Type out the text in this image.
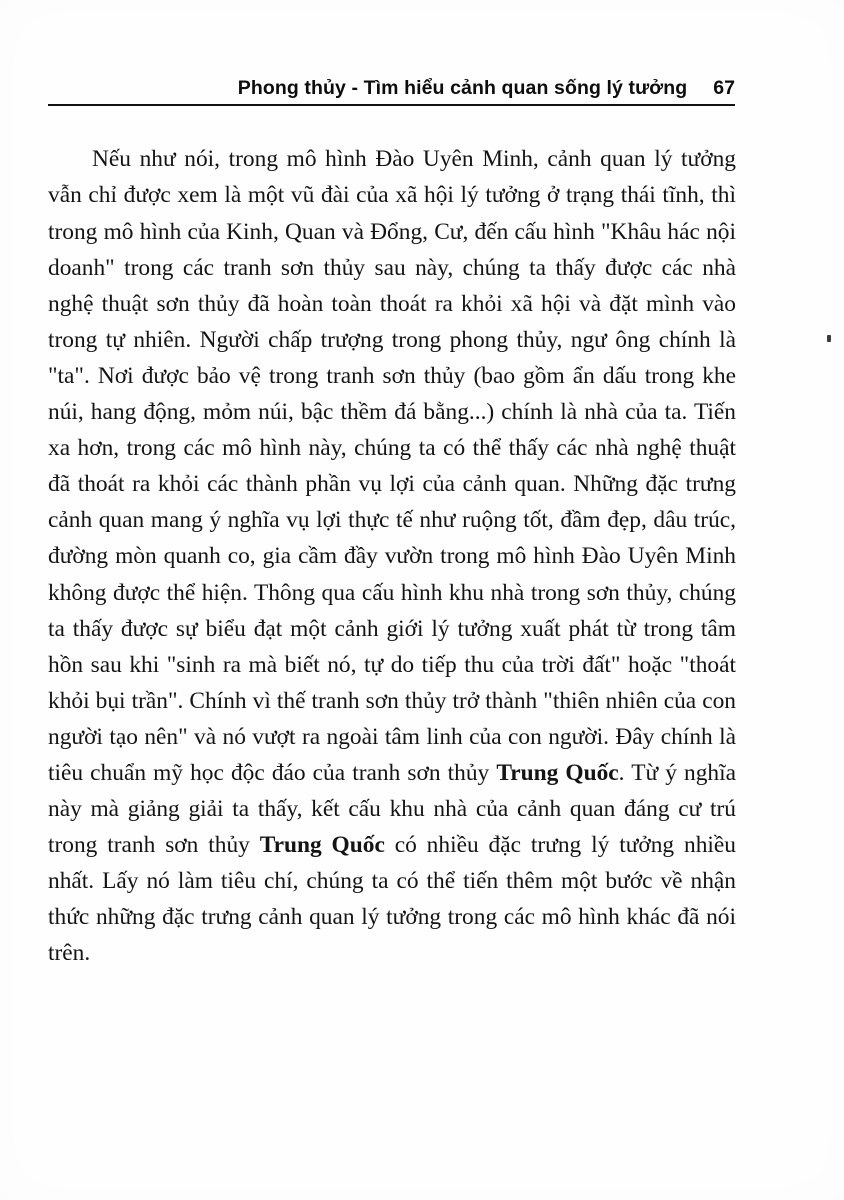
Phong thủy - Tìm hiểu cảnh quan sống lý tưởng 67

Nếu như nói, trong mô hình Đào Uyên Minh, cảnh quan lý tưởng vẫn chỉ được xem là một vũ đài của xã hội lý tưởng ở trạng thái tĩnh, thì trong mô hình của Kinh, Quan và Đổng, Cư, đến cấu hình "Khâu hác nội doanh" trong các tranh sơn thủy sau này, chúng ta thấy được các nhà nghệ thuật sơn thủy đã hoàn toàn thoát ra khỏi xã hội và đặt mình vào trong tự nhiên. Người chấp trượng trong phong thủy, ngư ông chính là "ta". Nơi được bảo vệ trong tranh sơn thủy (bao gồm ẩn dấu trong khe núi, hang động, mỏm núi, bậc thềm đá bằng...) chính là nhà của ta. Tiến xa hơn, trong các mô hình này, chúng ta có thể thấy các nhà nghệ thuật đã thoát ra khỏi các thành phần vụ lợi của cảnh quan. Những đặc trưng cảnh quan mang ý nghĩa vụ lợi thực tế như ruộng tốt, đầm đẹp, dâu trúc, đường mòn quanh co, gia cầm đầy vườn trong mô hình Đào Uyên Minh không được thể hiện. Thông qua cấu hình khu nhà trong sơn thủy, chúng ta thấy được sự biểu đạt một cảnh giới lý tưởng xuất phát từ trong tâm hồn sau khi "sinh ra mà biết nó, tự do tiếp thu của trời đất" hoặc "thoát khỏi bụi trần". Chính vì thế tranh sơn thủy trở thành "thiên nhiên của con người tạo nên" và nó vượt ra ngoài tâm linh của con người. Đây chính là tiêu chuẩn mỹ học độc đáo của tranh sơn thủy Trung Quốc. Từ ý nghĩa này mà giảng giải ta thấy, kết cấu khu nhà của cảnh quan đáng cư trú trong tranh sơn thủy Trung Quốc có nhiều đặc trưng lý tưởng nhiều nhất. Lấy nó làm tiêu chí, chúng ta có thể tiến thêm một bước về nhận thức những đặc trưng cảnh quan lý tưởng trong các mô hình khác đã nói trên.
